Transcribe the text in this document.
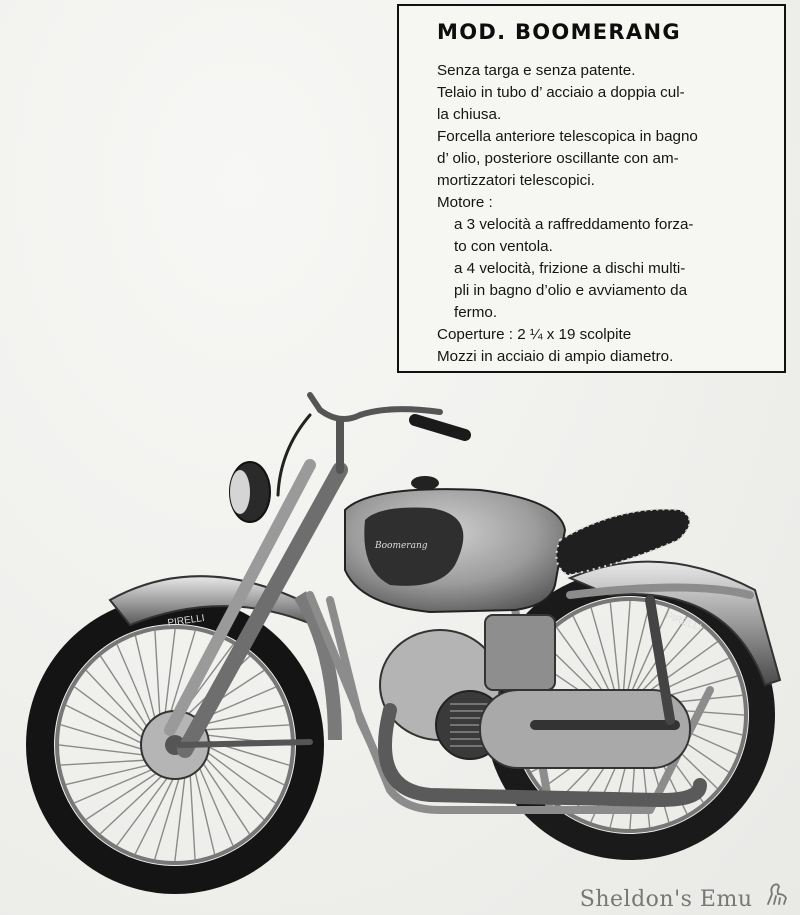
MOD. BOOMERANG
Senza targa e senza patente.
Telaio in tubo d’ acciaio a doppia cul-
la chiusa.
Forcella anteriore telescopica in bagno
d’ olio, posteriore oscillante con am-
mortizzatori telescopici.
Motore :
a 3 velocità a raffreddamento forza-
to con ventola.
a 4 velocità, frizione a dischi multi-
pli in bagno d’olio e avviamento da
fermo.
Coperture : 2 ¼ x 19 scolpite
Mozzi in acciaio di ampio diametro.
PIRELLI
PIRELLI
Boomerang
Sheldon's Emu
